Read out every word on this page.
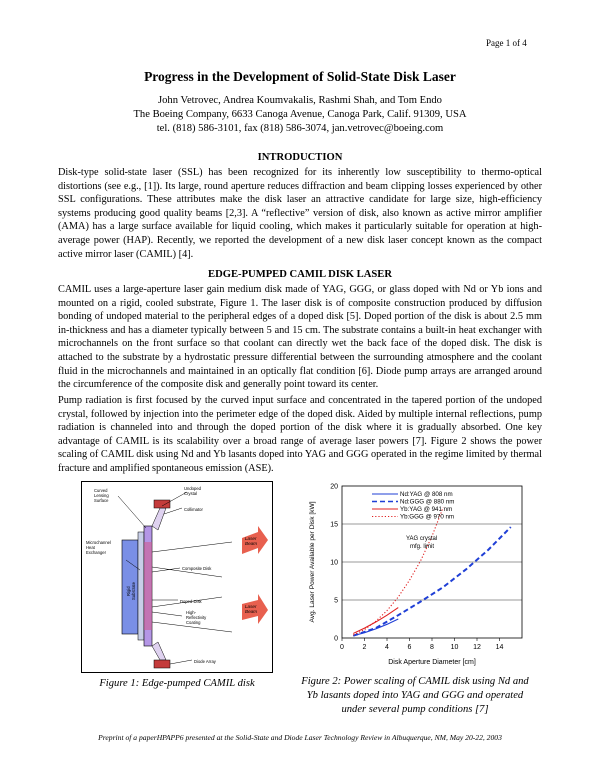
Page 1 of 4
Progress in the Development of Solid-State Disk Laser
John Vetrovec, Andrea Koumvakalis, Rashmi Shah, and Tom Endo
The Boeing Company, 6633 Canoga Avenue, Canoga Park, Calif. 91309, USA
tel. (818) 586-3101, fax (818) 586-3074, jan.vetrovec@boeing.com
INTRODUCTION

Disk-type solid-state laser (SSL) has been recognized for its inherently low susceptibility to thermo-optical distortions (see e.g., [1]). Its large, round aperture reduces diffraction and beam clipping losses experienced by other SSL configurations. These attributes make the disk laser an attractive candidate for large size, high-efficiency systems producing good quality beams [2,3]. A “reflective” version of disk, also known as active mirror amplifier (AMA) has a large surface available for liquid cooling, which makes it particularly suitable for operation at high-average power (HAP). Recently, we reported the development of a new disk laser concept known as the compact active mirror laser (CAMIL) [4].

EDGE-PUMPED CAMIL DISK LASER

CAMIL uses a large-aperture laser gain medium disk made of YAG, GGG, or glass doped with Nd or Yb ions and mounted on a rigid, cooled substrate, Figure 1. The laser disk is of composite construction produced by diffusion bonding of undoped material to the peripheral edges of a doped disk [5]. Doped portion of the disk is about 2.5 mm in-thickness and has a diameter typically between 5 and 15 cm. The substrate contains a built-in heat exchanger with microchannels on the front surface so that coolant can directly wet the back face of the doped disk. The disk is attached to the substrate by a hydrostatic pressure differential between the surrounding atmosphere and the coolant fluid in the microchannels and maintained in an optically flat condition [6]. Diode pump arrays are arranged around the circumference of the composite disk and generally point toward its center.

Pump radiation is first focused by the curved input surface and concentrated in the tapered portion of the undoped crystal, followed by injection into the perimeter edge of the doped disk. Aided by multiple internal reflections, pump radiation is channeled into and through the doped portion of the disk where it is gradually absorbed. One key advantage of CAMIL is its scalability over a broad range of average laser powers [7]. Figure 2 shows the power scaling of CAMIL disk using Nd and Yb lasants doped into YAG and GGG operated in the regime limited by thermal fracture and amplified spontaneous emission (ASE).

Curved
Lensing
Surface
Undoped
Crystal
Collimator
Microchannel
Heat
Exchanger
Composite Disk
Doped Disk
High-
Reflectivity
Coating
Diode Array
Rigid Substrate
Laser
Beam
Laser
Beam
Figure 1: Edge-pumped CAMIL disk
0
5
10
15
20
0	2	4	6	8 10 12 14
Nd:YAG @ 808 nm
Nd:GGG @ 880 nm
Yb:YAG @ 941 nm
Yb:GGG @ 970 nm
YAG crystal
mfg. limit
Disk Aperture Diameter [cm]
Avg. Laser Power Available per Disk [kW]
Figure 2: Power scaling of CAMIL disk using Nd and Yb lasants doped into YAG and GGG and operated under several pump conditions [7]
Preprint of a paperHPAPP6 presented at the Solid-State and Diode Laser Technology Review in Albuquerque, NM, May 20-22, 2003
